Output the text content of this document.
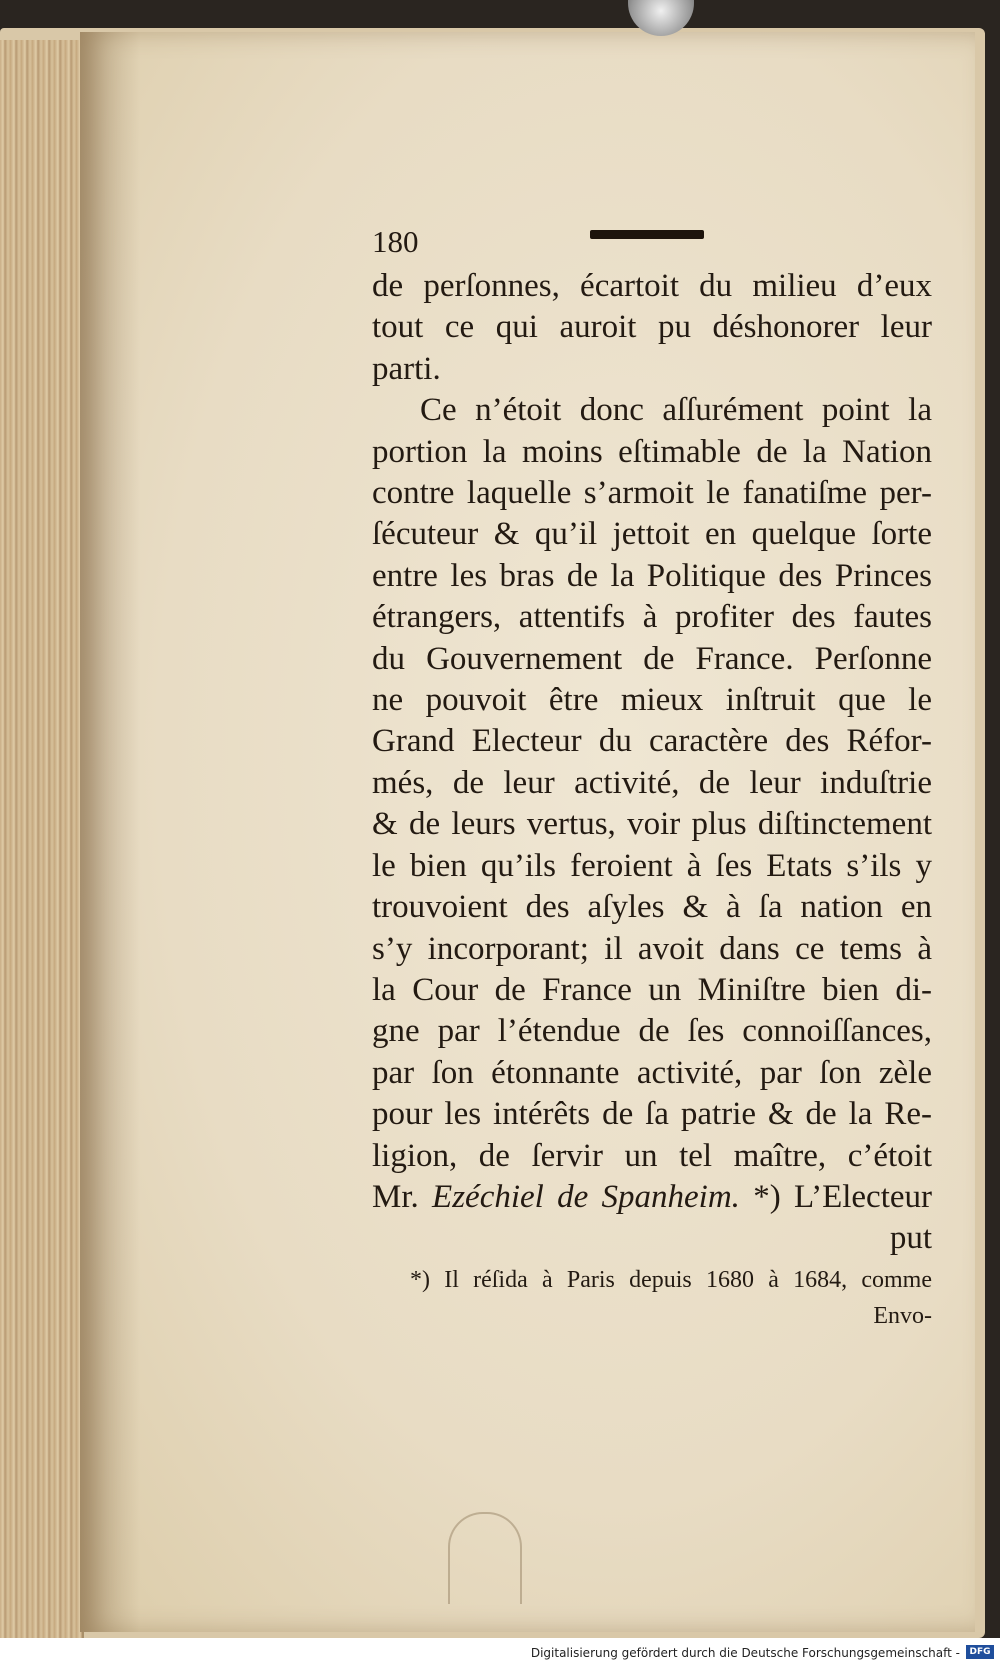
180
de perſonnes, écartoit du milieu d’eux
tout ce qui auroit pu déshonorer leur
parti.
Ce n’étoit donc aſſurément point la
portion la moins eſtimable de la Nation
contre laquelle s’armoit le fanatiſme per-
ſécuteur & qu’il jettoit en quelque ſorte
entre les bras de la Politique des Princes
étrangers, attentifs à profiter des fautes
du Gouvernement de France. Perſonne
ne pouvoit être mieux inſtruit que le
Grand Electeur du caractère des Réfor-
més, de leur activité, de leur induſtrie
& de leurs vertus, voir plus diſtinctement
le bien qu’ils feroient à ſes Etats s’ils y
trouvoient des aſyles & à ſa nation en
s’y incorporant; il avoit dans ce tems à
la Cour de France un Miniſtre bien di-
gne par l’étendue de ſes connoiſſances,
par ſon étonnante activité, par ſon zèle
pour les intérêts de ſa patrie & de la Re-
ligion, de ſervir un tel maître, c’étoit
Mr. Ezéchiel de Spanheim. *) L’Electeur
put
*) Il réſida à Paris depuis 1680 à 1684, comme
Envo-
Digitalisierung gefördert durch die Deutsche Forschungsgemeinschaft -	DFG
